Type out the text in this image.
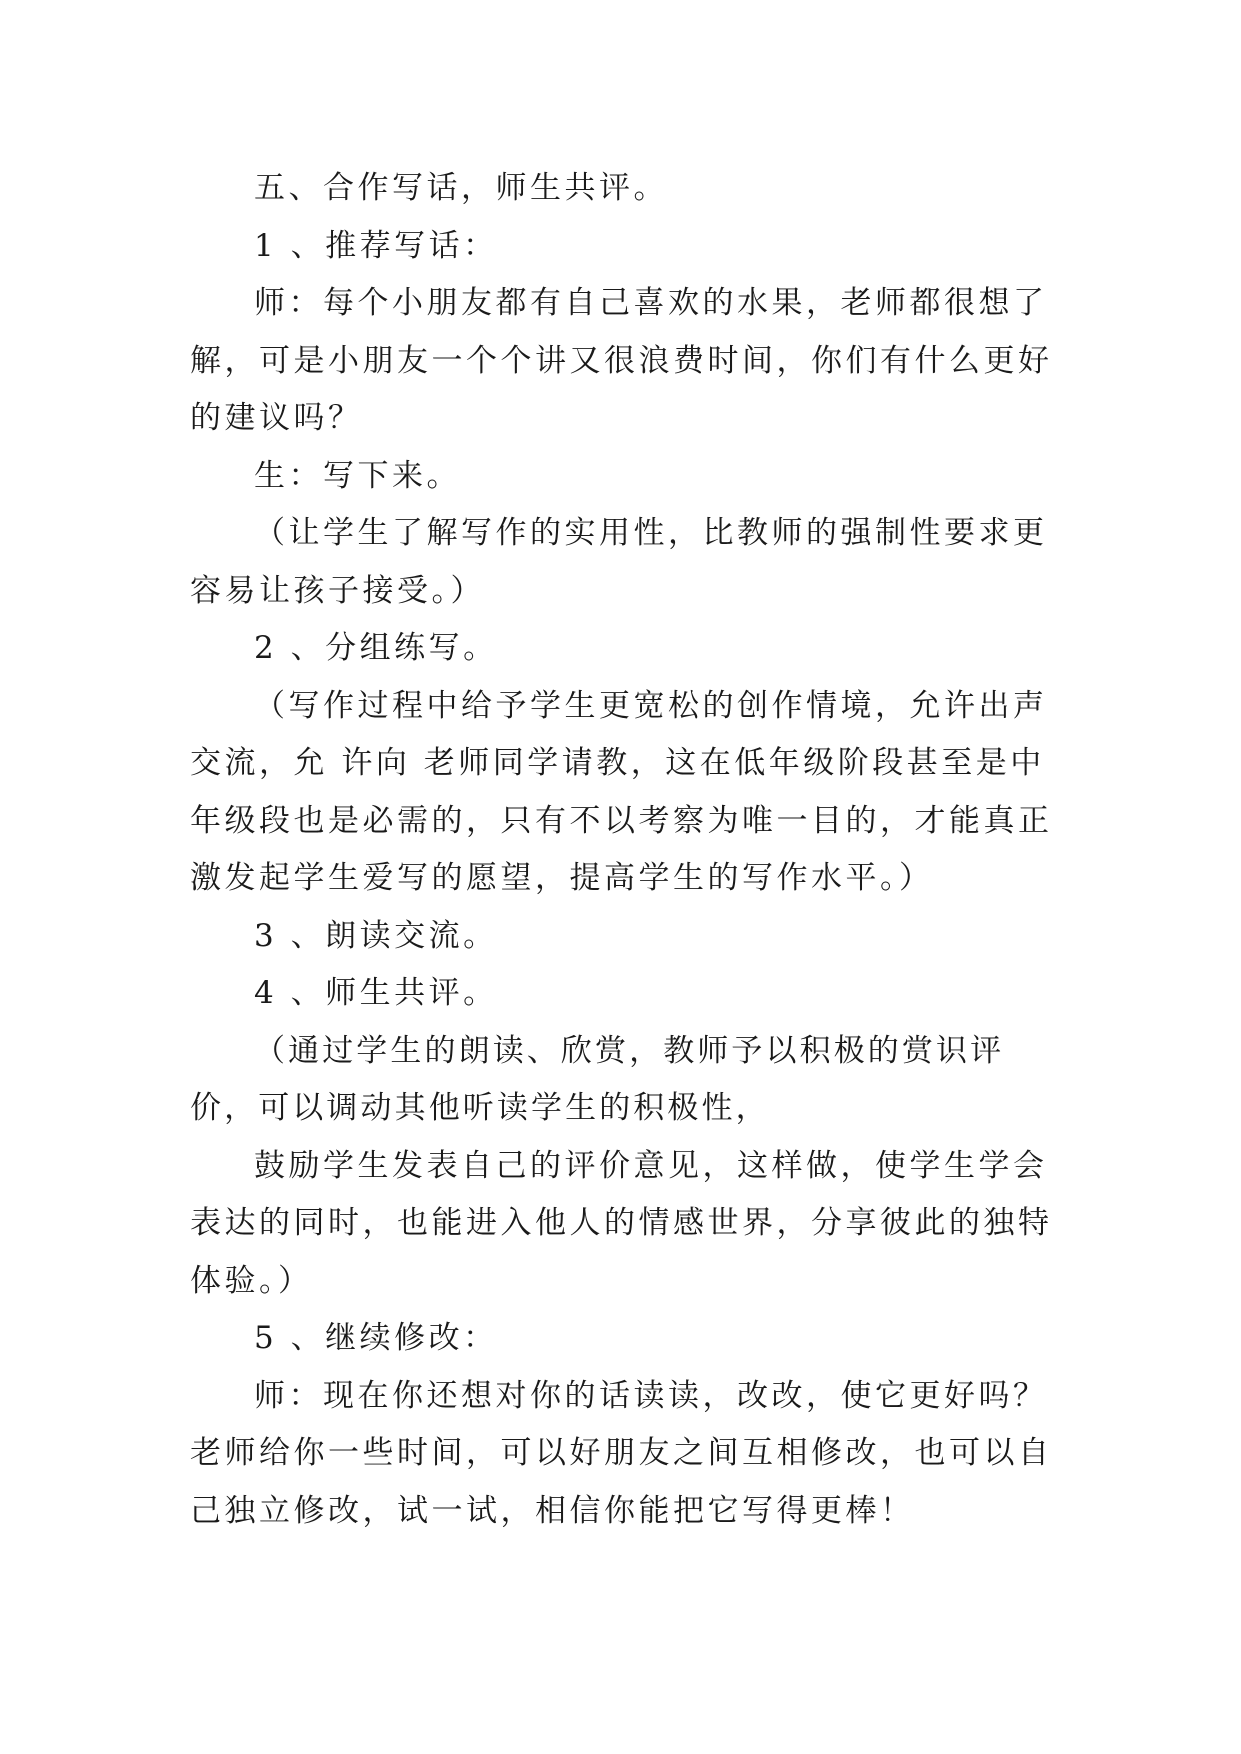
五、合作写话，师生共评。

1 、推荐写话：

师：每个小朋友都有自己喜欢的水果，老师都很想了解，可是小朋友一个个讲又很浪费时间，你们有什么更好的建议吗？

生：写下来。

（让学生了解写作的实用性，比教师的强制性要求更容易让孩子接受。）

2 、分组练写。

（写作过程中给予学生更宽松的创作情境，允许出声交流，允 许向 老师同学请教，这在低年级阶段甚至是中年级段也是必需的，只有不以考察为唯一目的，才能真正激发起学生爱写的愿望，提高学生的写作水平。）

3 、朗读交流。

4 、师生共评。

（通过学生的朗读、欣赏，教师予以积极的赏识评价，可以调动其他听读学生的积极性，

鼓励学生发表自己的评价意见，这样做，使学生学会表达的同时，也能进入他人的情感世界，分享彼此的独特体验。）

5 、继续修改：

师：现在你还想对你的话读读，改改，使它更好吗？老师给你一些时间，可以好朋友之间互相修改，也可以自己独立修改，试一试，相信你能把它写得更棒！
